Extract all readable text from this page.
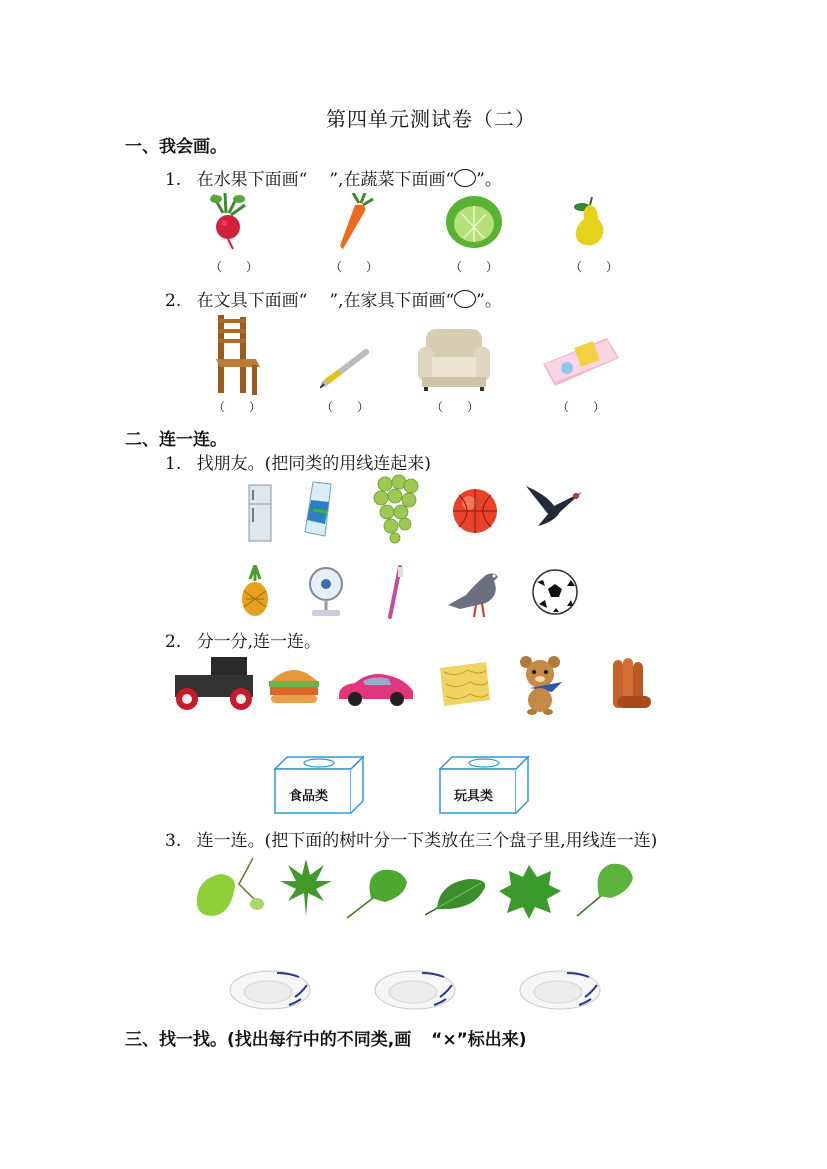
第四单元测试卷（二）
一、我会画。
1. 在水果下面画“ ”,在蔬菜下面画“ ”。
（　　）	（　　）	（　　）	（　　）
2. 在文具下面画“ ”,在家具下面画“ ”。
（　　）	（　　）	（　　）	（　　）
二、连一连。
1. 找朋友。(把同类的用线连起来)
2. 分一分,连一连。
食品类	玩具类
3. 连一连。(把下面的树叶分一下类放在三个盘子里,用线连一连)
三、找一找。(找出每行中的不同类,画 “×”标出来)
